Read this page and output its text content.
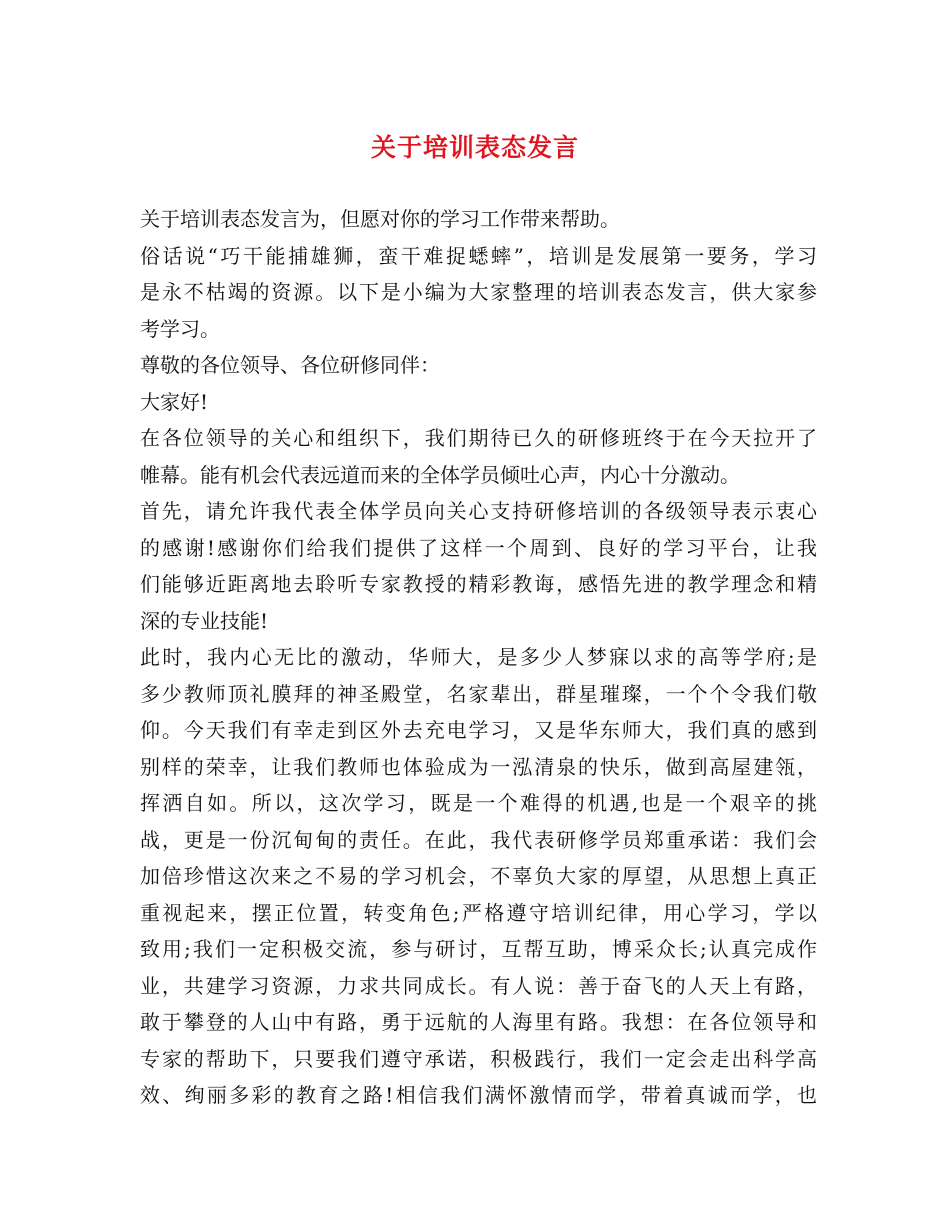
关于培训表态发言
关于培训表态发言为，但愿对你的学习工作带来帮助。
俗话说“巧干能捕雄狮，蛮干难捉蟋蟀”，培训是发展第一要务，学习
是永不枯竭的资源。以下是小编为大家整理的培训表态发言，供大家参
考学习。
尊敬的各位领导、各位研修同伴：
大家好!
在各位领导的关心和组织下，我们期待已久的研修班终于在今天拉开了
帷幕。能有机会代表远道而来的全体学员倾吐心声，内心十分激动。
首先，请允许我代表全体学员向关心支持研修培训的各级领导表示衷心
的感谢!感谢你们给我们提供了这样一个周到、良好的学习平台，让我
们能够近距离地去聆听专家教授的精彩教诲，感悟先进的教学理念和精
深的专业技能!
此时，我内心无比的激动，华师大，是多少人梦寐以求的高等学府;是
多少教师顶礼膜拜的神圣殿堂，名家辈出，群星璀璨，一个个令我们敬
仰。今天我们有幸走到区外去充电学习，又是华东师大，我们真的感到
别样的荣幸，让我们教师也体验成为一泓清泉的快乐，做到高屋建瓴，
挥洒自如。所以，这次学习，既是一个难得的机遇,也是一个艰辛的挑
战，更是一份沉甸甸的责任。在此，我代表研修学员郑重承诺：我们会
加倍珍惜这次来之不易的学习机会，不辜负大家的厚望，从思想上真正
重视起来，摆正位置，转变角色;严格遵守培训纪律，用心学习，学以
致用;我们一定积极交流，参与研讨，互帮互助，博采众长;认真完成作
业，共建学习资源，力求共同成长。有人说：善于奋飞的人天上有路，
敢于攀登的人山中有路，勇于远航的人海里有路。我想：在各位领导和
专家的帮助下，只要我们遵守承诺，积极践行，我们一定会走出科学高
效、绚丽多彩的教育之路!相信我们满怀激情而学，带着真诚而学，也
